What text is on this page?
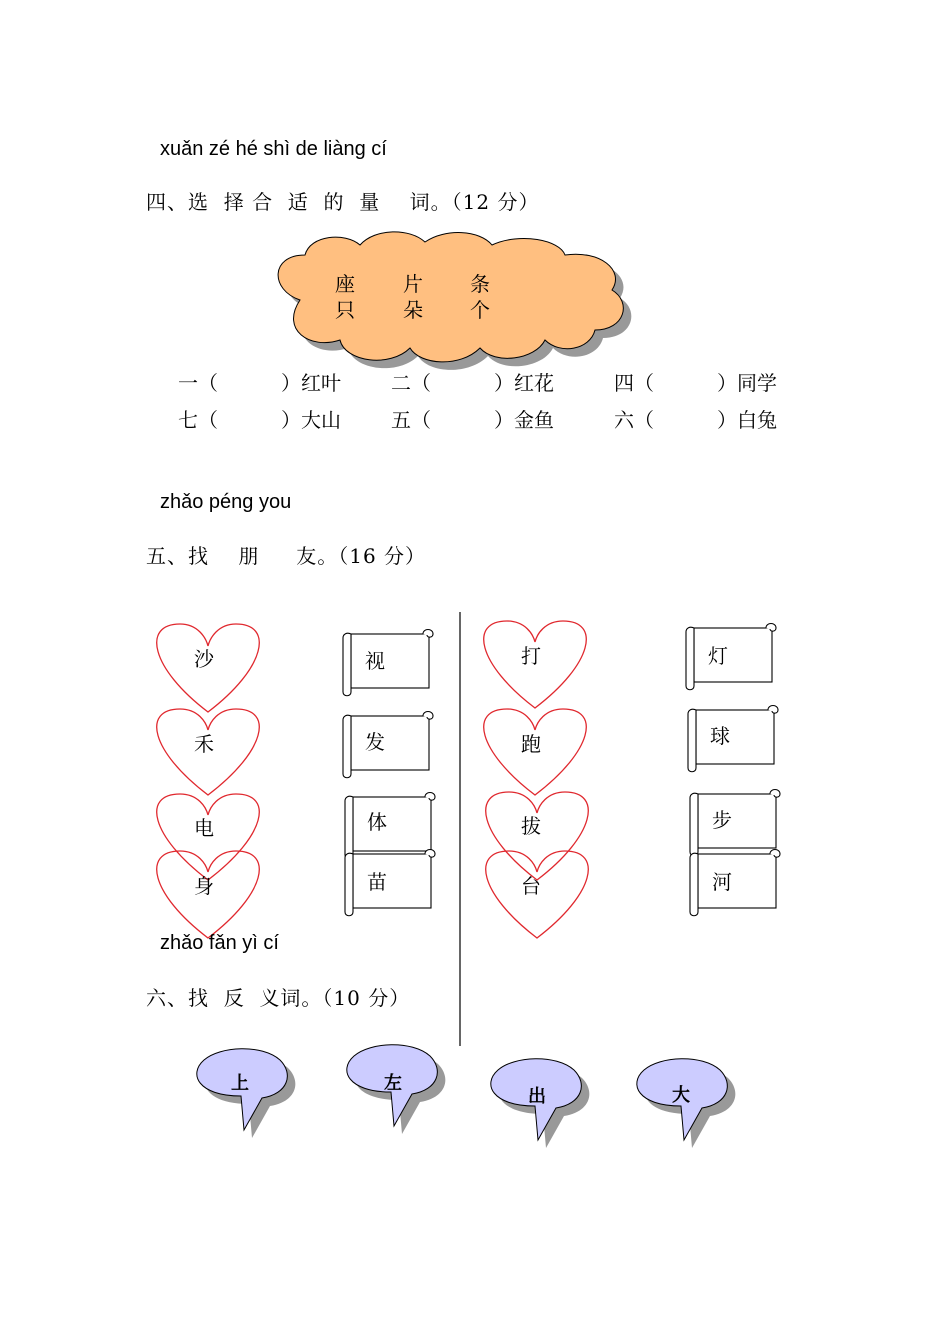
xuǎn zé hé shì de liàng cí
四、选  择 合  适  的  量    词。（12 分）
座 片 条
只 朵 个
一（	）红叶	二（	）红花	四（	）同学
七（	）大山	五（	）金鱼	六（	）白兔
zhǎo péng you
五、找    朋     友。（16 分）
沙
禾
电
身
视
发
体
苗
打
跑
拔
台
灯
球
步
河
zhǎo fǎn yì cí
六、找  反  义词。（10 分）
上	左
出	大
